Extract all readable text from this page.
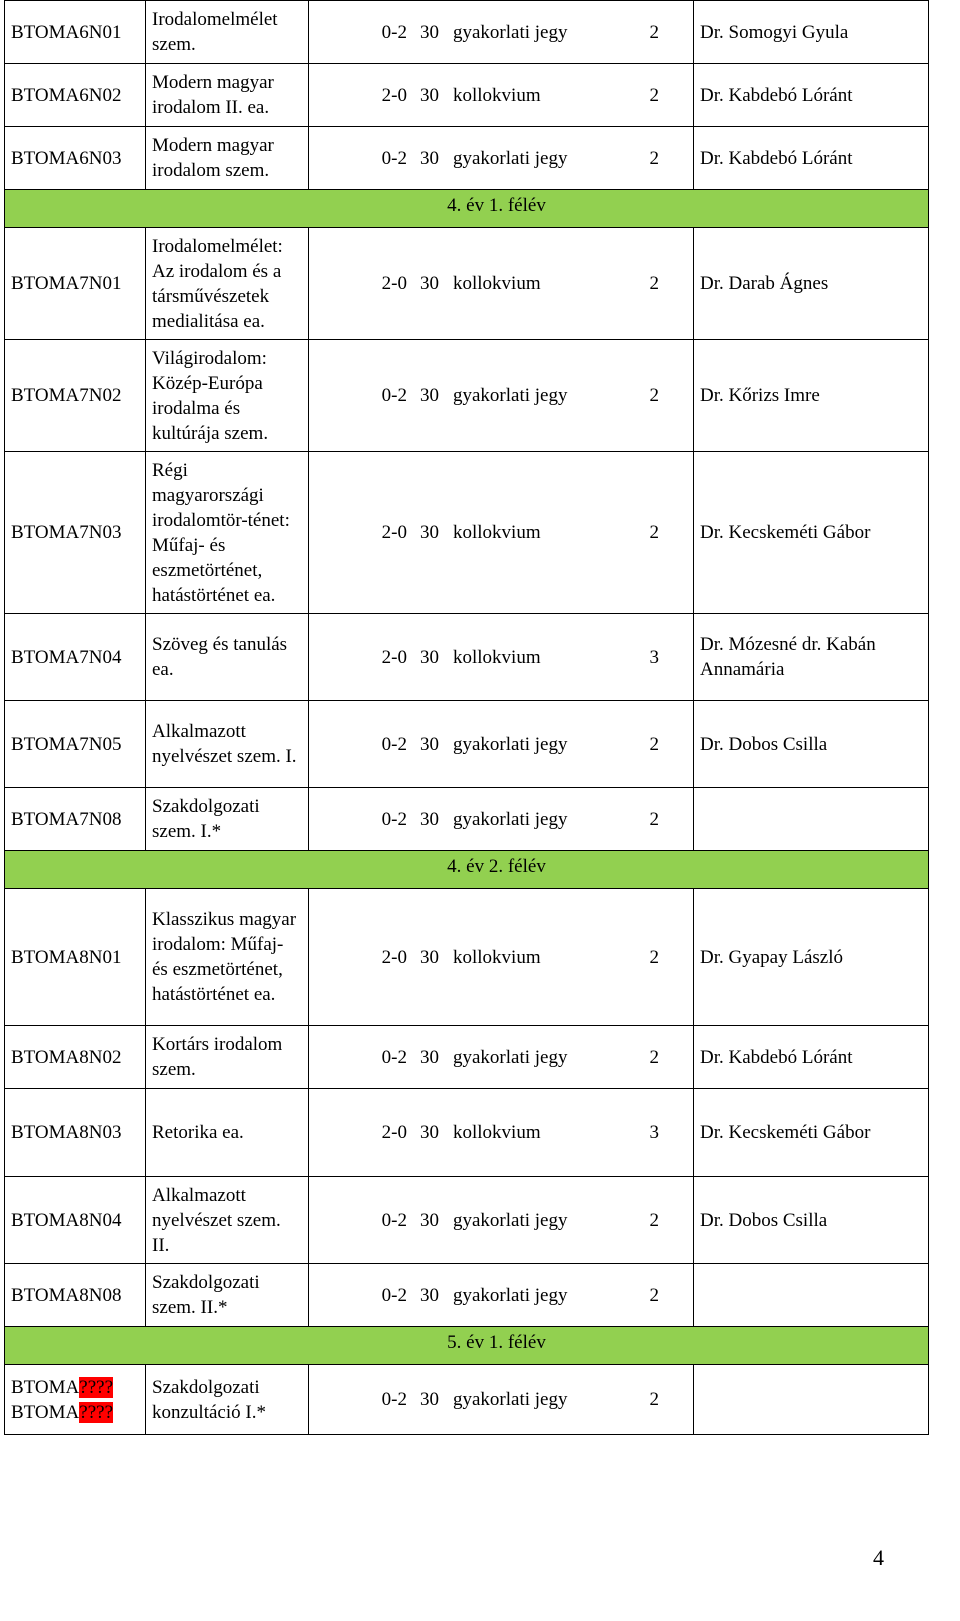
BTOMA6N01	Irodalomelmélet szem.	0-2 30 gyakorlati jegy 2	Dr. Somogyi Gyula
BTOMA6N02	Modern magyar irodalom II. ea.	2-0 30 kollokvium 2	Dr. Kabdebó Lóránt
BTOMA6N03	Modern magyar irodalom szem.	0-2 30 gyakorlati jegy 2	Dr. Kabdebó Lóránt
4. év 1. félév			
BTOMA7N01	Irodalomelmélet: Az irodalom és a társművészetek medialitása ea.	2-0 30 kollokvium 2	Dr. Darab Ágnes
BTOMA7N02	Világirodalom: Közép-Európa irodalma és kultúrája szem.	0-2 30 gyakorlati jegy 2	Dr. Kőrizs Imre
BTOMA7N03	Régi magyarországi irodalomtör-ténet: Műfaj- és eszmetörténet, hatástörténet ea.	2-0 30 kollokvium 2	Dr. Kecskeméti Gábor
BTOMA7N04	Szöveg és tanulás ea.	2-0 30 kollokvium 3	Dr. Mózesné dr. Kabán Annamária
BTOMA7N05	Alkalmazott nyelvészet szem. I.	0-2 30 gyakorlati jegy 2	Dr. Dobos Csilla
BTOMA7N08	Szakdolgozati szem. I.*	0-2 30 gyakorlati jegy 2	

4. év 2. félév			
BTOMA8N01	Klasszikus magyar irodalom: Műfaj- és eszmetörténet, hatástörténet ea.	2-0 30 kollokvium 2	Dr. Gyapay László
BTOMA8N02	Kortárs irodalom szem.	0-2 30 gyakorlati jegy 2	Dr. Kabdebó Lóránt
BTOMA8N03	Retorika ea.	2-0 30 kollokvium 3	Dr. Kecskeméti Gábor
BTOMA8N04	Alkalmazott nyelvészet szem. II.	0-2 30 gyakorlati jegy 2	Dr. Dobos Csilla
BTOMA8N08	Szakdolgozati szem. II.*	0-2 30 gyakorlati jegy 2	

5. év 1. félév			

BTOMA????
BTOMA????	Szakdolgozati konzultáció I.*	0-2 30 gyakorlati jegy 2	

4
